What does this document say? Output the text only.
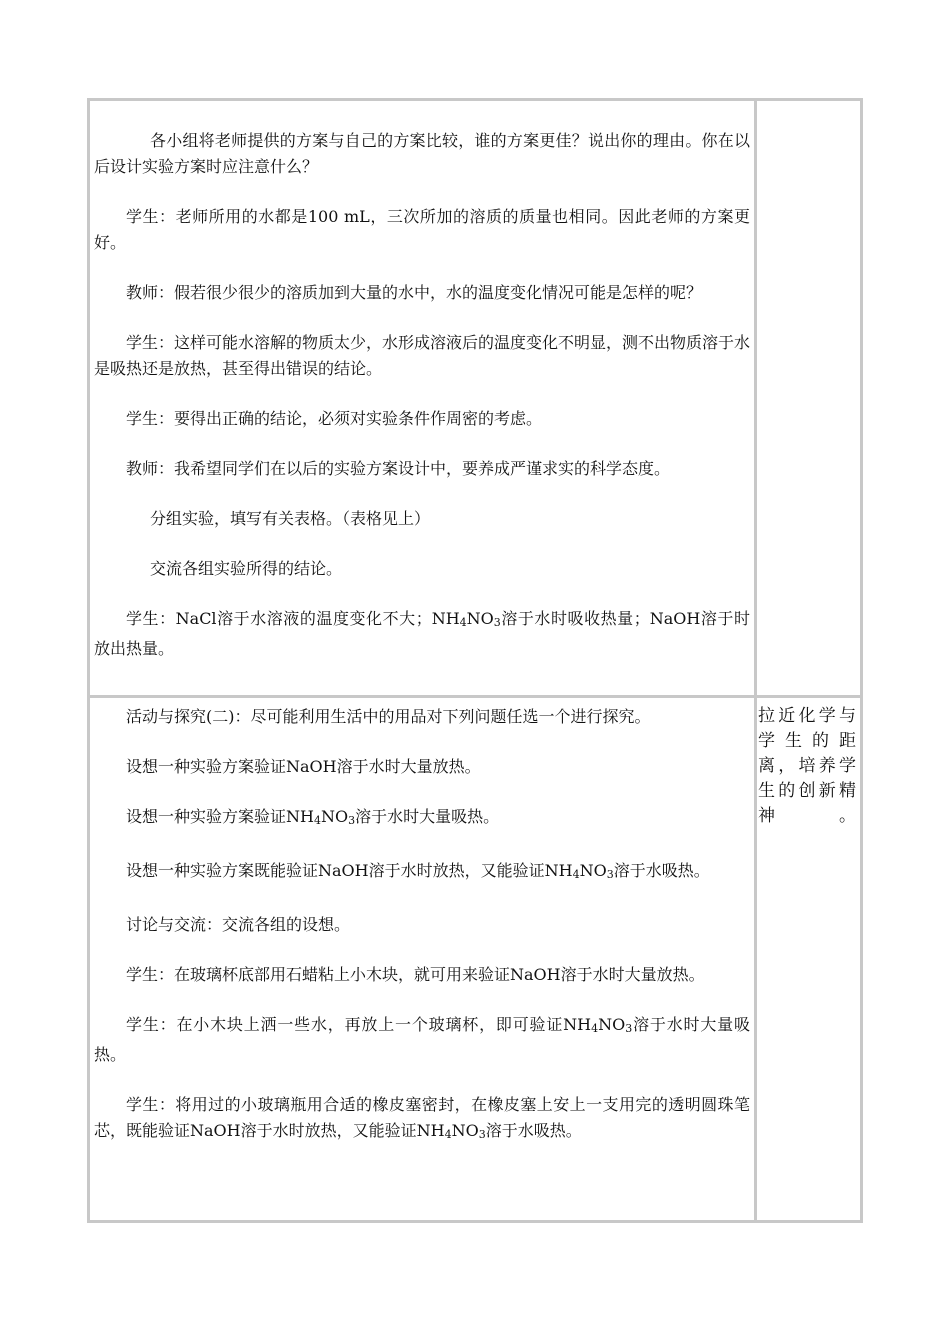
各小组将老师提供的方案与自己的方案比较，谁的方案更佳？说出你的理由。你在以后设计实验方案时应注意什么？

学生：老师所用的水都是100 mL，三次所加的溶质的质量也相同。因此老师的方案更好。

教师：假若很少很少的溶质加到大量的水中，水的温度变化情况可能是怎样的呢？

学生：这样可能水溶解的物质太少，水形成溶液后的温度变化不明显，测不出物质溶于水是吸热还是放热，甚至得出错误的结论。

学生：要得出正确的结论，必须对实验条件作周密的考虑。

教师：我希望同学们在以后的实验方案设计中，要养成严谨求实的科学态度。

分组实验，填写有关表格。（表格见上）

交流各组实验所得的结论。

学生：NaCl溶于水溶液的温度变化不大；NH4NO3溶于水时吸收热量；NaOH溶于时放出热量。

活动与探究(二)：尽可能利用生活中的用品对下列问题任选一个进行探究。

设想一种实验方案验证NaOH溶于水时大量放热。

设想一种实验方案验证NH4NO3溶于水时大量吸热。

设想一种实验方案既能验证NaOH溶于水时放热，又能验证NH4NO3溶于水吸热。

讨论与交流：交流各组的设想。

学生：在玻璃杯底部用石蜡粘上小木块，就可用来验证NaOH溶于水时大量放热。

学生：在小木块上洒一些水，再放上一个玻璃杯，即可验证NH4NO3溶于水时大量吸热。

学生：将用过的小玻璃瓶用合适的橡皮塞密封，在橡皮塞上安上一支用完的透明圆珠笔芯，既能验证NaOH溶于水时放热，又能验证NH4NO3溶于水吸热。

拉近化学与学生的距离，培养学生的创新精神。
